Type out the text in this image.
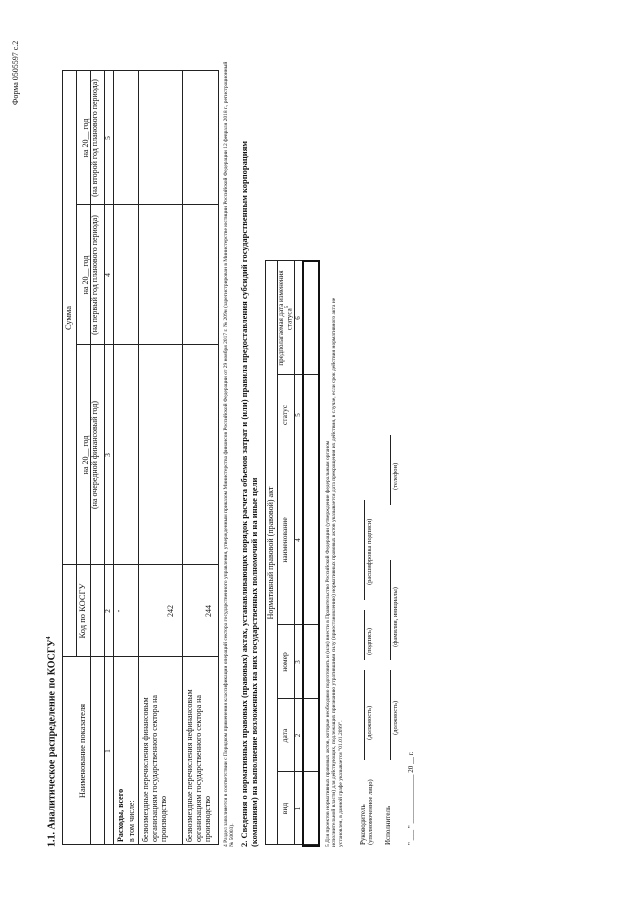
Форма 0505597 с.2
1.1. Аналитическое распределение по КОСГУ$^4$
Наименование показателя
Код по КОСГУ
Сумма
на 20__ год (на очередной финансовый год)
на 20__ год (на первый год планового периода)
на 20__ год (на второй год планового периода)
1
2
3
4
5
Расходы, всего
-
в том числе: безвозмездные перечисления финансовым организациям государственного сектора на производство
242
безвозмездные перечисления нефинансовым организациям государственного сектора на производство
244	4 Раздел заполняется в соответствии с Порядком применения классификации операций сектора государственного управления, утвержденным приказом Министерства финансов Российской Федерации от 29 ноября 2017 г. № 209н (зарегистрирован в Министерстве юстиции Российской Федерации 12 февраля 2018 г., регистрационный № 50003). 2. Сведения о нормативных правовых (правовых) актах, устанавливающих порядок расчета объемов затрат и (или) правила предоставления субсидий государственным корпорациям (компаниям) на выполнение возложенных на них государственных полномочий и на иные цели Нормативный правовой (правовой) акт
вид
дата
номер
наименование
статус
предполагаемая дата изменения статуса$^5$
1
2
3
4
5
6
5 Для проектов нормативных правовых актов, которые необходимо подготовить и (или) внести в Правительство Российской Федерации (утверждение федеральным органом исполнительной власти) для действующих, подлежащих признанию утратившими силу (приостановлению) нормативных правовых актов указывается дата прекращения их действия, в случае, если срок действия нормативного акта не установлен, в данной графе указывается "01.01.2099". Руководитель (уполномоченное лицо)
(должность)
(подпись)
(расшифровка подписи)
Исполнитель
(должность)
(фамилия, инициалы)
(телефон)
" ___ " ______________ 20 __ г.
